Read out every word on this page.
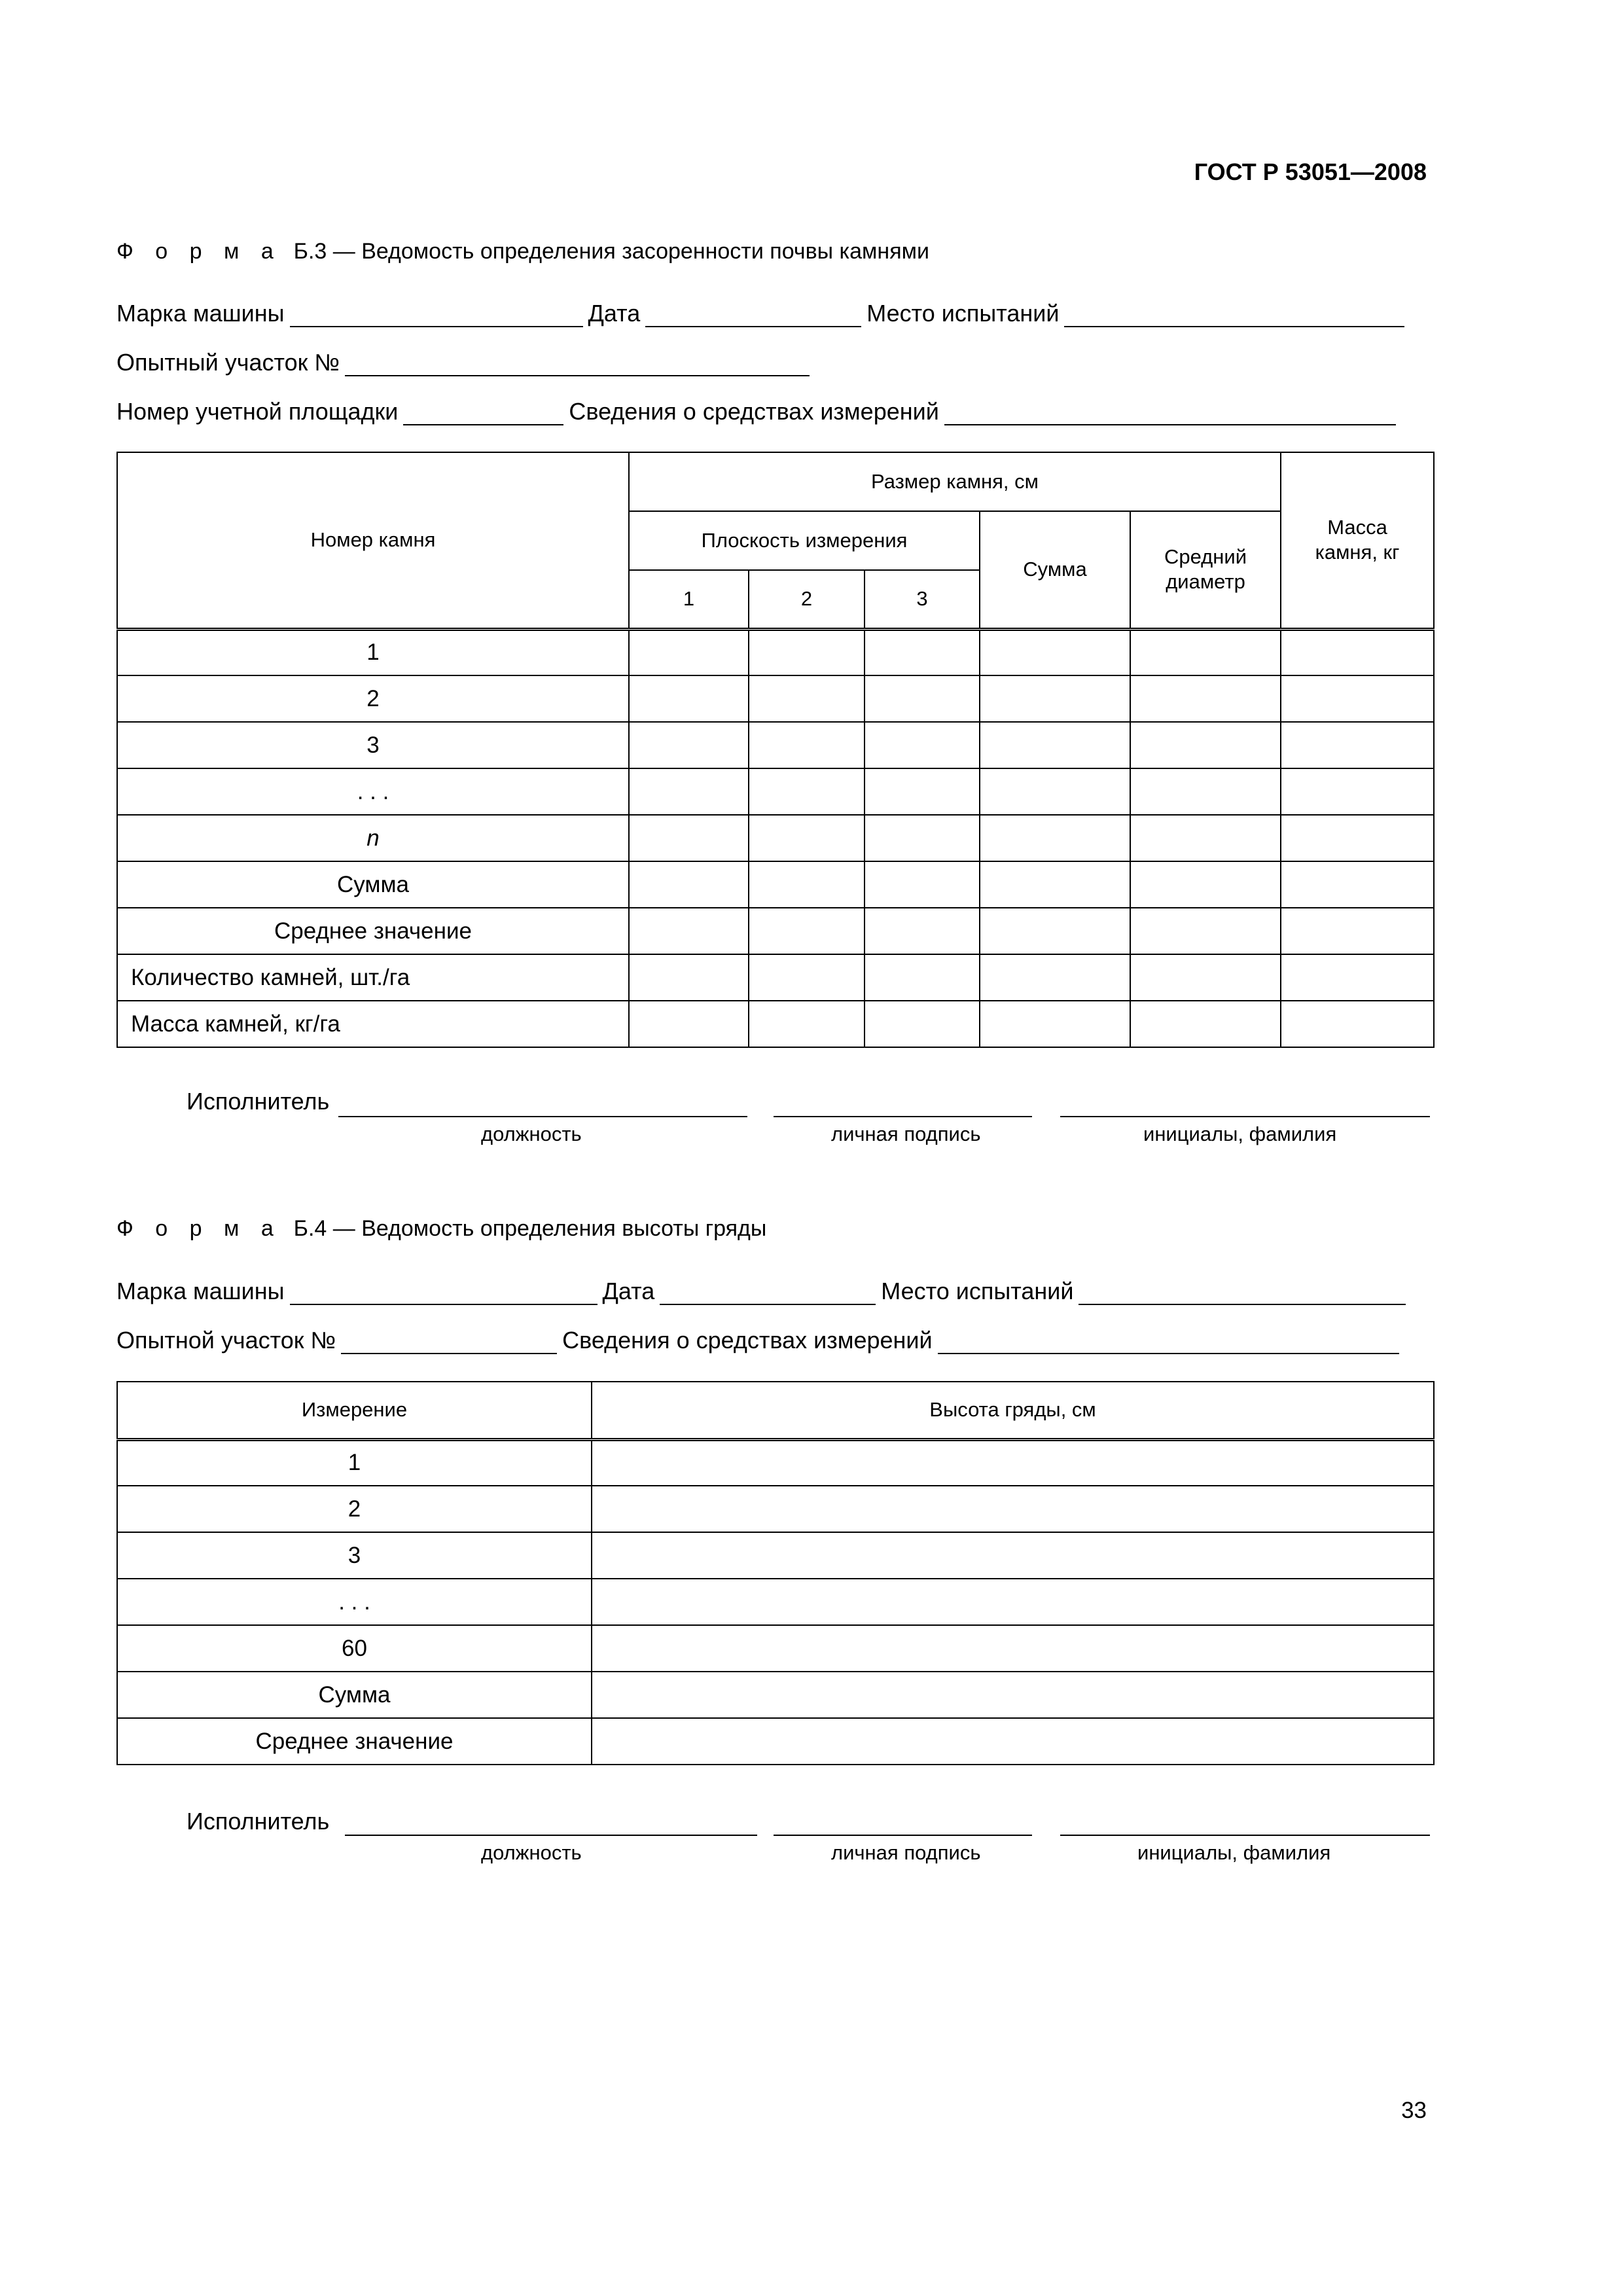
ГОСТ Р 53051—2008
Ф о р м а Б.3 — Ведомость определения засоренности почвы камнями
Марка машины	Дата	Место испытаний
Опытный участок №
Номер учетной площадки	Сведения о средствах измерений
Номер камня	Размер камня, см					Масса камня, кг
	Плоскость измерения			Сумма	Средний диаметр	
	1	2	3			
1						
2						
3						
. . .						
n						
Сумма						
Среднее значение						
Количество камней, шт./га						
Масса камней, кг/га						
Исполнитель
должность	личная подпись	инициалы, фамилия
Ф о р м а Б.4 — Ведомость определения высоты гряды
Марка машины	Дата	Место испытаний
Опытной участок №	Сведения о средствах измерений
Измерение	Высота гряды, см
1	
2	
3	
. . .	
60	
Сумма	
Среднее значение	
Исполнитель
должность	личная подпись	инициалы, фамилия
33
